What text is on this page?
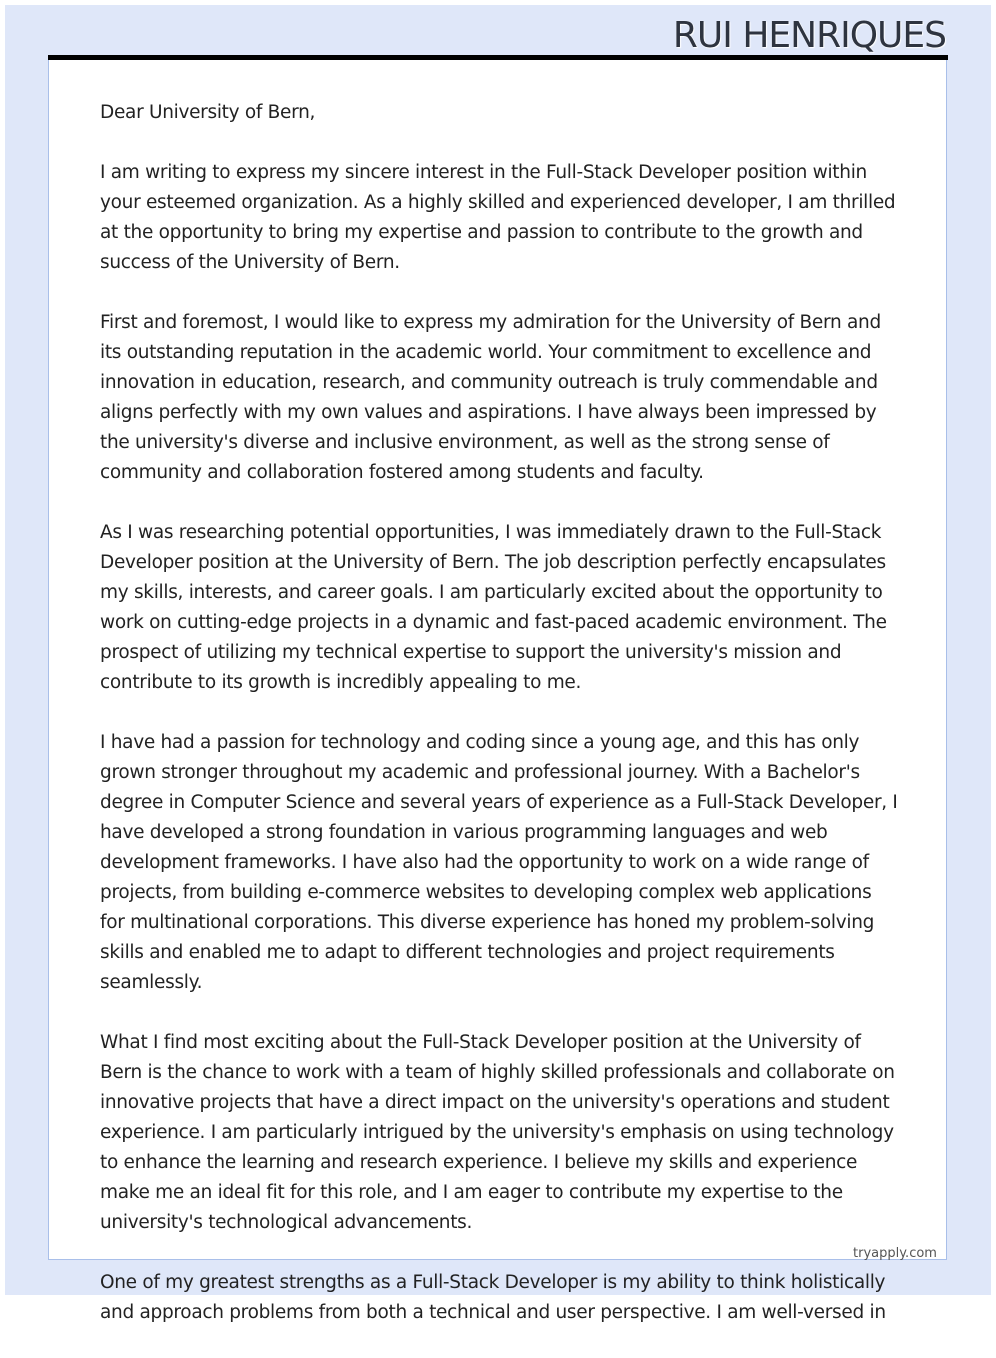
RUI HENRIQUES

Dear University of Bern,

I am writing to express my sincere interest in the Full-Stack Developer position within your esteemed organization. As a highly skilled and experienced developer, I am thrilled at the opportunity to bring my expertise and passion to contribute to the growth and success of the University of Bern.

First and foremost, I would like to express my admiration for the University of Bern and its outstanding reputation in the academic world. Your commitment to excellence and innovation in education, research, and community outreach is truly commendable and aligns perfectly with my own values and aspirations. I have always been impressed by the university's diverse and inclusive environment, as well as the strong sense of community and collaboration fostered among students and faculty.

As I was researching potential opportunities, I was immediately drawn to the Full-Stack Developer position at the University of Bern. The job description perfectly encapsulates my skills, interests, and career goals. I am particularly excited about the opportunity to work on cutting-edge projects in a dynamic and fast-paced academic environment. The prospect of utilizing my technical expertise to support the university's mission and contribute to its growth is incredibly appealing to me.

I have had a passion for technology and coding since a young age, and this has only grown stronger throughout my academic and professional journey. With a Bachelor's degree in Computer Science and several years of experience as a Full-Stack Developer, I have developed a strong foundation in various programming languages and web development frameworks. I have also had the opportunity to work on a wide range of projects, from building e-commerce websites to developing complex web applications for multinational corporations. This diverse experience has honed my problem-solving skills and enabled me to adapt to different technologies and project requirements seamlessly.

What I find most exciting about the Full-Stack Developer position at the University of Bern is the chance to work with a team of highly skilled professionals and collaborate on innovative projects that have a direct impact on the university's operations and student experience. I am particularly intrigued by the university's emphasis on using technology to enhance the learning and research experience. I believe my skills and experience make me an ideal fit for this role, and I am eager to contribute my expertise to the university's technological advancements.

One of my greatest strengths as a Full-Stack Developer is my ability to think holistically and approach problems from both a technical and user perspective. I am well-versed in

tryapply.com
